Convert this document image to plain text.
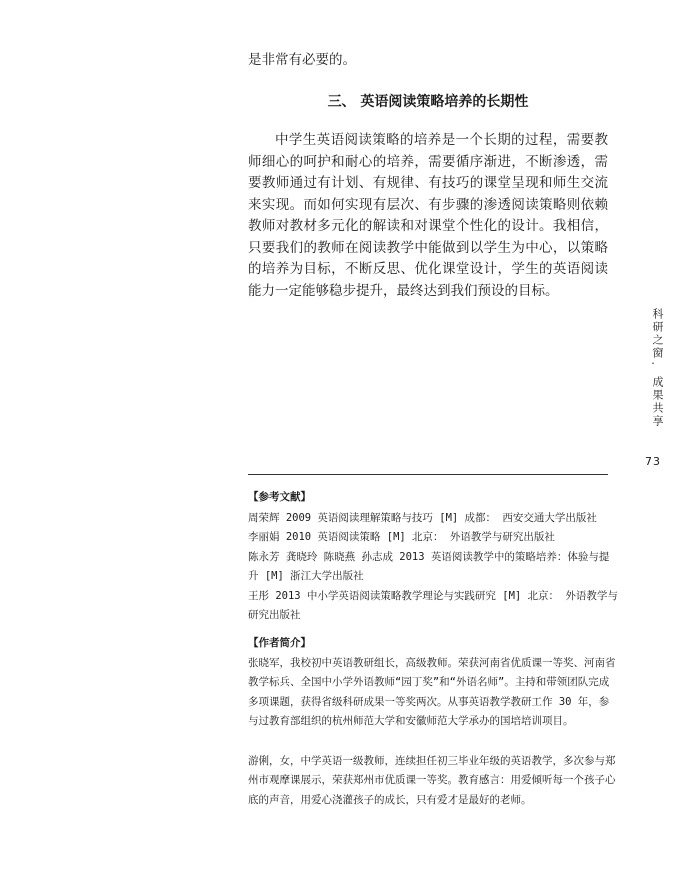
是非常有必要的。
三、 英语阅读策略培养的长期性

中学生英语阅读策略的培养是一个长期的过程，需要教师细心的呵护和耐心的培养，需要循序渐进，不断渗透，需要教师通过有计划、有规律、有技巧的课堂呈现和师生交流来实现。而如何实现有层次、有步骤的渗透阅读策略则依赖教师对教材多元化的解读和对课堂个性化的设计。我相信，只要我们的教师在阅读教学中能做到以学生为中心，以策略的培养为目标，不断反思、优化课堂设计，学生的英语阅读能力一定能够稳步提升，最终达到我们预设的目标。

科研之窗
·
成果共享
73
【参考文献】

周荣辉 2009 英语阅读理解策略与技巧 [M] 成都： 西安交通大学出版社

李丽娟 2010 英语阅读策略 [M] 北京： 外语教学与研究出版社

陈永芳 龚晓玲 陈晓燕 孙志成 2013 英语阅读教学中的策略培养：体验与提升 [M] 浙江大学出版社

王彤 2013 中小学英语阅读策略教学理论与实践研究 [M] 北京： 外语教学与研究出版社

【作者简介】

张晓军，我校初中英语教研组长，高级教师。荣获河南省优质课一等奖、河南省教学标兵、全国中小学外语教师“园丁奖”和“外语名师”。主持和带领团队完成多项课题，获得省级科研成果一等奖两次。从事英语教学教研工作 30 年，参与过教育部组织的杭州师范大学和安徽师范大学承办的国培培训项目。

游俐，女，中学英语一级教师，连续担任初三毕业年级的英语教学，多次参与郑州市观摩课展示，荣获郑州市优质课一等奖。教育感言：用爱倾听每一个孩子心底的声音，用爱心浇灌孩子的成长，只有爱才是最好的老师。
